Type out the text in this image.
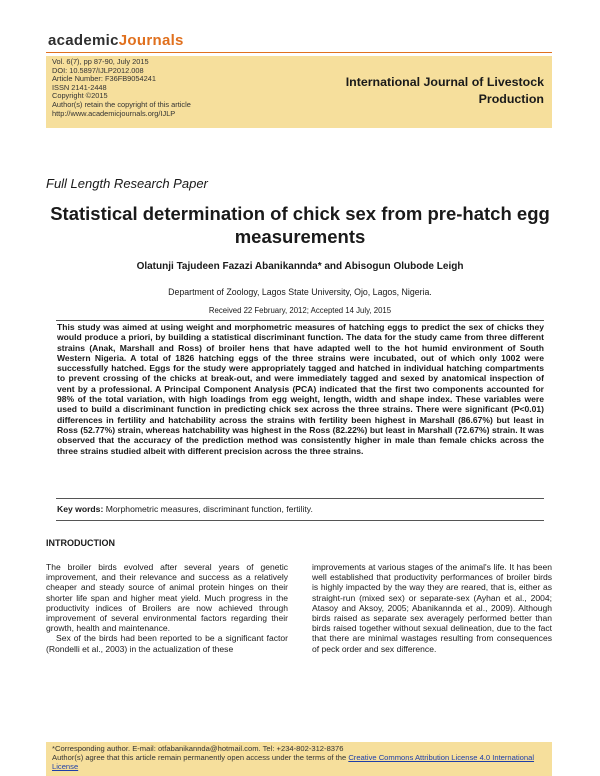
academicJournals
Vol. 6(7), pp 87-90, July 2015
DOI: 10.5897/IJLP2012.008
Article Number: F36FB9054241
ISSN 2141-2448
Copyright ©2015
Author(s) retain the copyright of this article
http://www.academicjournals.org/IJLP
International Journal of Livestock
Production
Full Length Research Paper
Statistical determination of chick sex from pre-hatch egg measurements
Olatunji Tajudeen Fazazi Abanikannda* and Abisogun Olubode Leigh
Department of Zoology, Lagos State University, Ojo, Lagos, Nigeria.
Received 22 February, 2012; Accepted 14 July, 2015

This study was aimed at using weight and morphometric measures of hatching eggs to predict the sex of chicks they would produce a priori, by building a statistical discriminant function. The data for the study came from three different strains (Anak, Marshall and Ross) of broiler hens that have adapted well to the hot humid environment of South Western Nigeria. A total of 1826 hatching eggs of the three strains were incubated, out of which only 1002 were successfully hatched. Eggs for the study were appropriately tagged and hatched in individual hatching compartments to prevent crossing of the chicks at break-out, and were immediately tagged and sexed by anatomical inspection of vent by a professional. A Principal Component Analysis (PCA) indicated that the first two components accounted for 98% of the total variation, with high loadings from egg weight, length, width and shape index. These variables were used to build a discriminant function in predicting chick sex across the three strains. There were significant (P<0.01) differences in fertility and hatchability across the strains with fertility been highest in Marshall (86.67%) but least in Ross (52.77%) strain, whereas hatchability was highest in the Ross (82.22%) but least in Marshall (72.67%) strain. It was observed that the accuracy of the prediction method was consistently higher in male than female chicks across the three strains studied albeit with different precision across the three strains.

Key words: Morphometric measures, discriminant function, fertility.
INTRODUCTION

The broiler birds evolved after several years of genetic improvement, and their relevance and success as a relatively cheaper and steady source of animal protein hinges on their shorter life span and higher meat yield. Much progress in the productivity indices of Broilers are now achieved through improvement of several environmental factors regarding their growth, health and maintenance.

Sex of the birds had been reported to be a significant factor (Rondelli et al., 2003) in the actualization of these

improvements at various stages of the animal's life. It has been well established that productivity performances of broiler birds is highly impacted by the way they are reared, that is, either as straight-run (mixed sex) or separate-sex (Ayhan et al., 2004; Atasoy and Aksoy, 2005; Abanikannda et al., 2009). Although birds raised as separate sex averagely performed better than birds raised together without sexual delineation, due to the fact that there are minimal wastages resulting from consequences of peck order and sex difference.

*Corresponding author. E-mail: otfabanikannda@hotmail.com. Tel: +234-802-312-8376
Author(s) agree that this article remain permanently open access under the terms of the Creative Commons Attribution License 4.0 International License
